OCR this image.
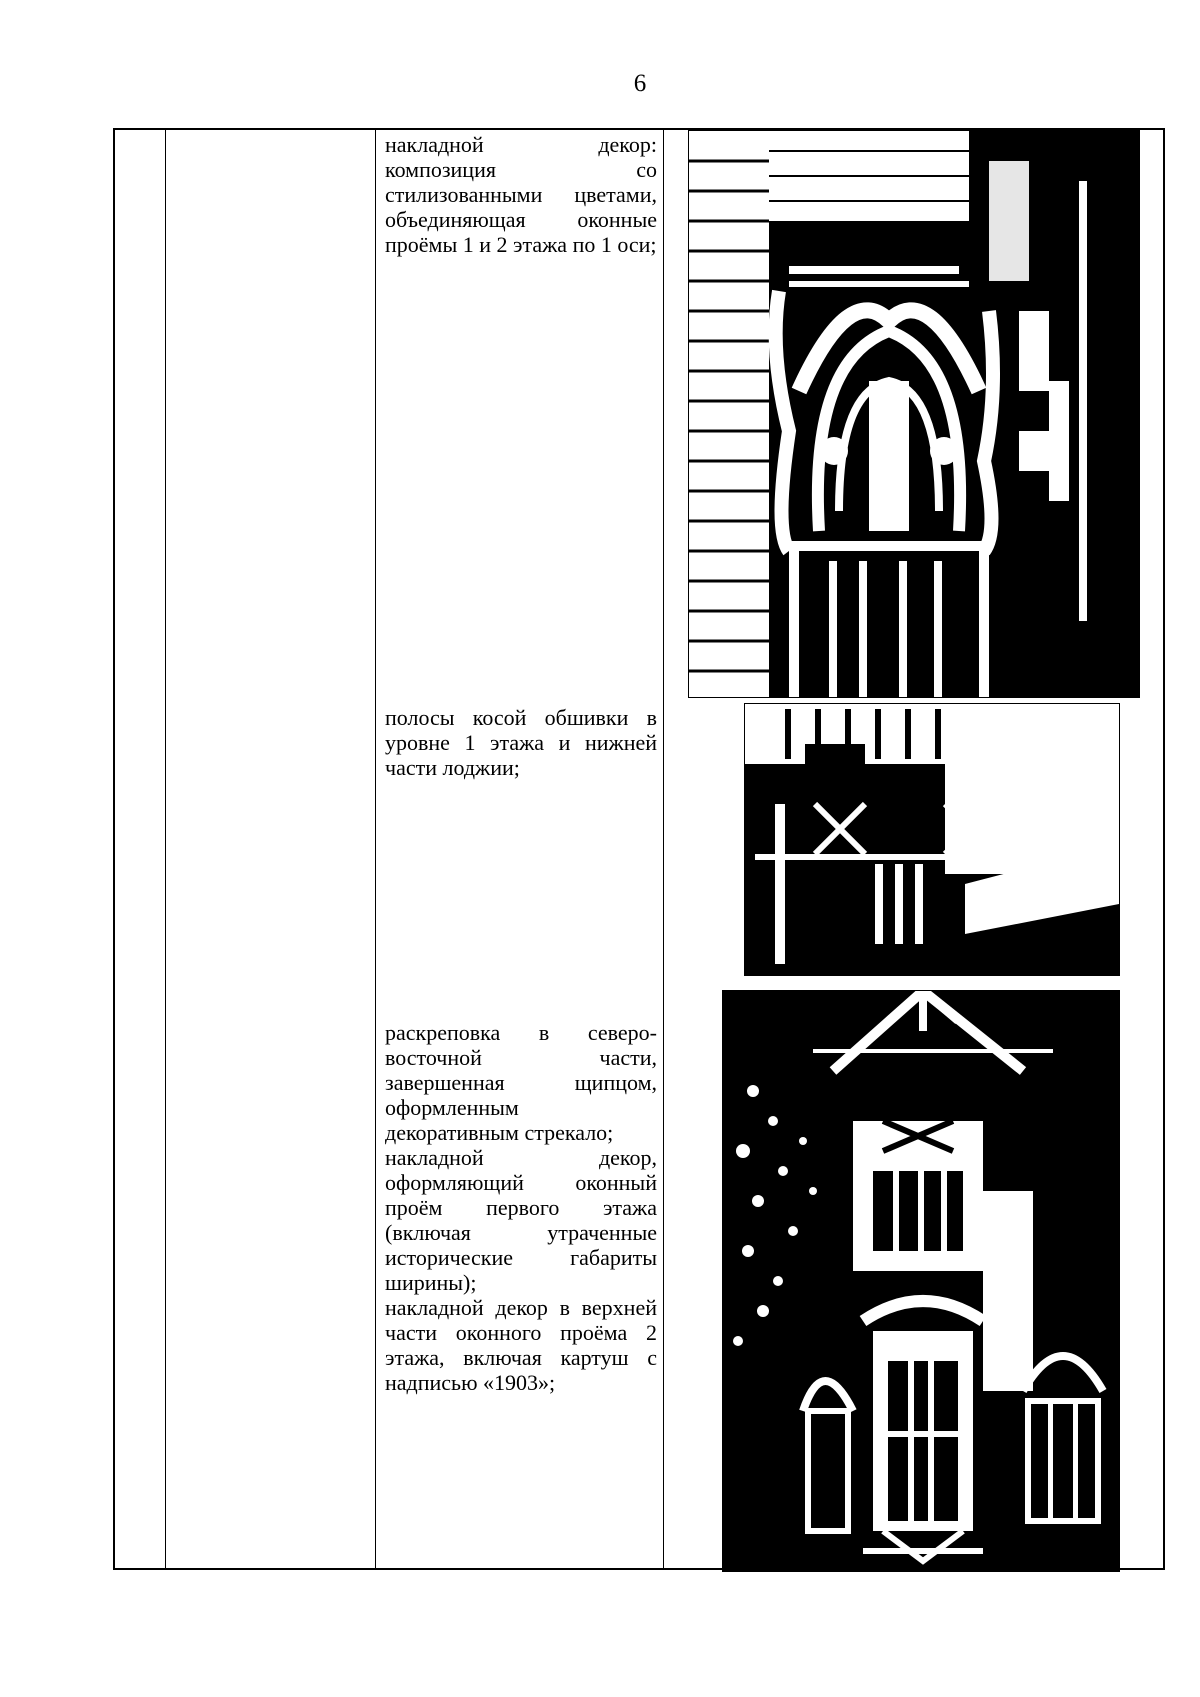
6

накладной декор: композиция со стилизованными цветами, объединяющая оконные проёмы 1 и 2 этажа по 1 оси;

полосы косой обшивки в уровне 1 этажа и нижней части лоджии;

раскреповка в северо-восточной части, завершенная щипцом, оформленным декоративным стрекало;

накладной декор, оформляющий оконный проём первого этажа (включая утраченные исторические габариты ширины);

накладной декор в верхней части оконного проёма 2 этажа, включая картуш с надписью «1903»;
